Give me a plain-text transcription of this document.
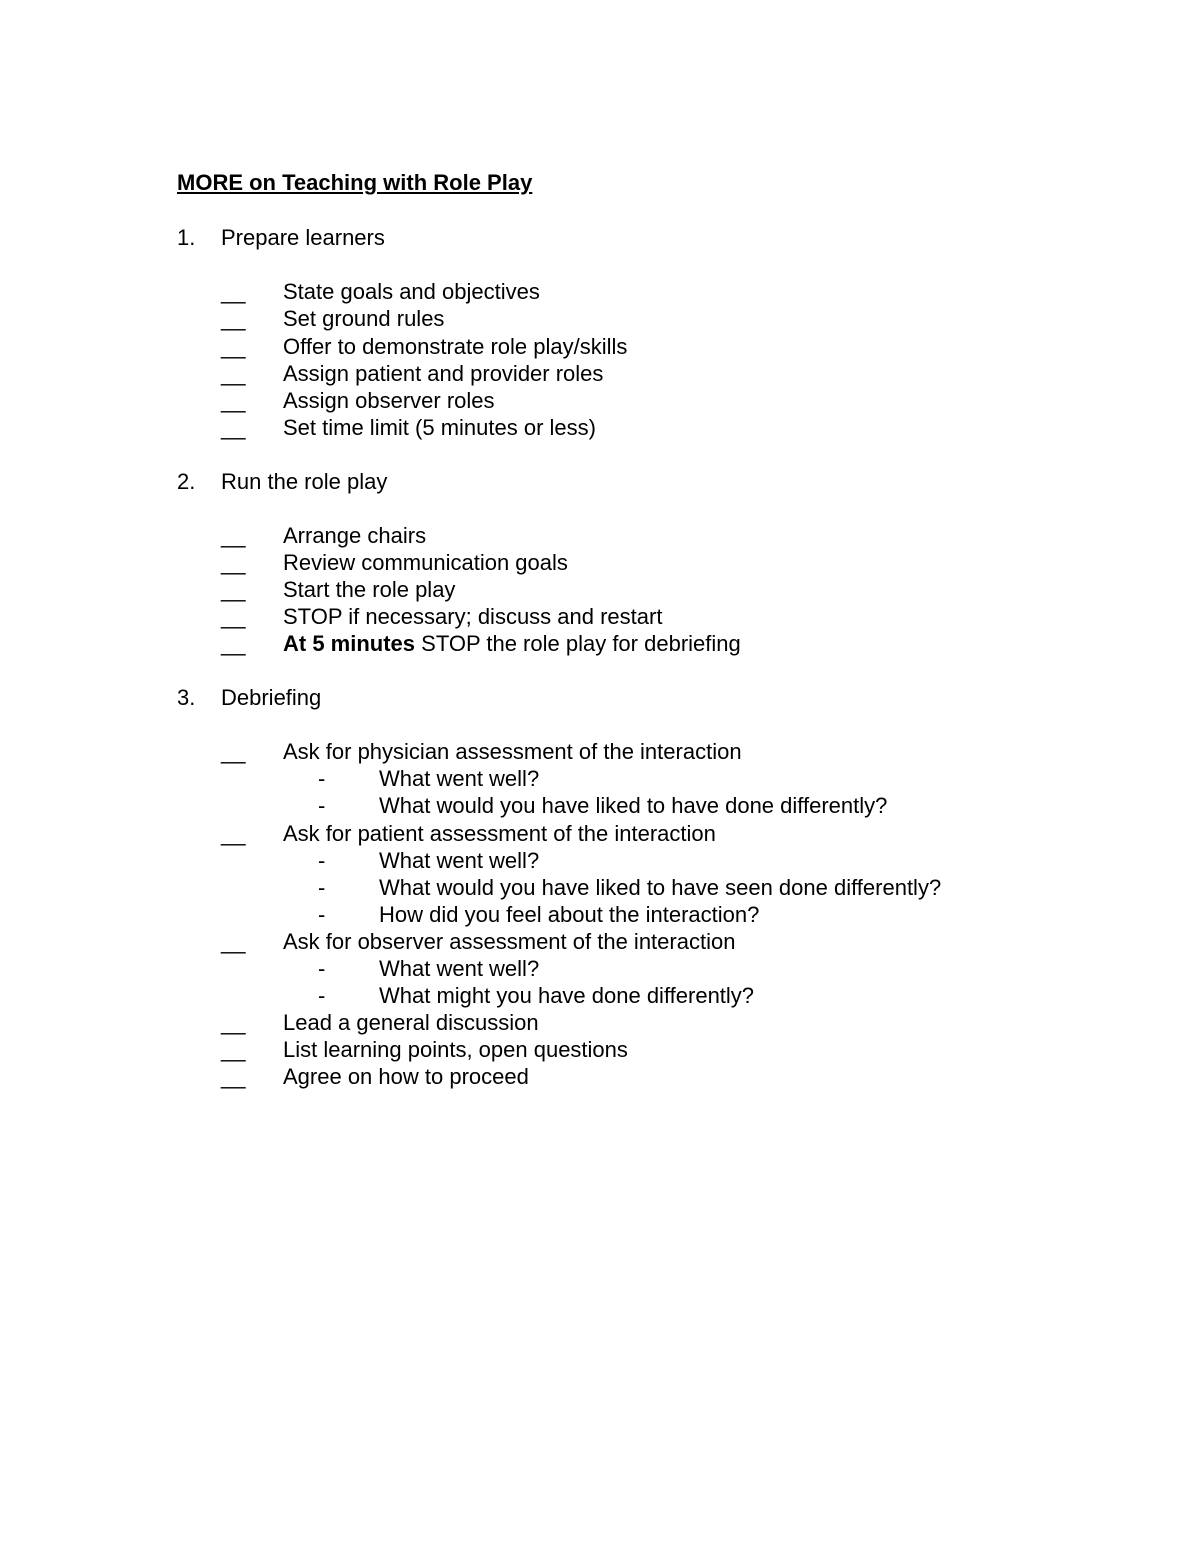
MORE on Teaching with Role Play
1. Prepare learners
__ State goals and objectives
__ Set ground rules
__ Offer to demonstrate role play/skills
__ Assign patient and provider roles
__ Assign observer roles
__ Set time limit (5 minutes or less)
2. Run the role play
__ Arrange chairs
__ Review communication goals
__ Start the role play
__ STOP if necessary; discuss and restart
__ At 5 minutes STOP the role play for debriefing
3. Debriefing
__ Ask for physician assessment of the interaction
- What went well?
- What would you have liked to have done differently?
__ Ask for patient assessment of the interaction
- What went well?
- What would you have liked to have seen done differently?
- How did you feel about the interaction?
__ Ask for observer assessment of the interaction
- What went well?
- What might you have done differently?
__ Lead a general discussion
__ List learning points, open questions
__ Agree on how to proceed
